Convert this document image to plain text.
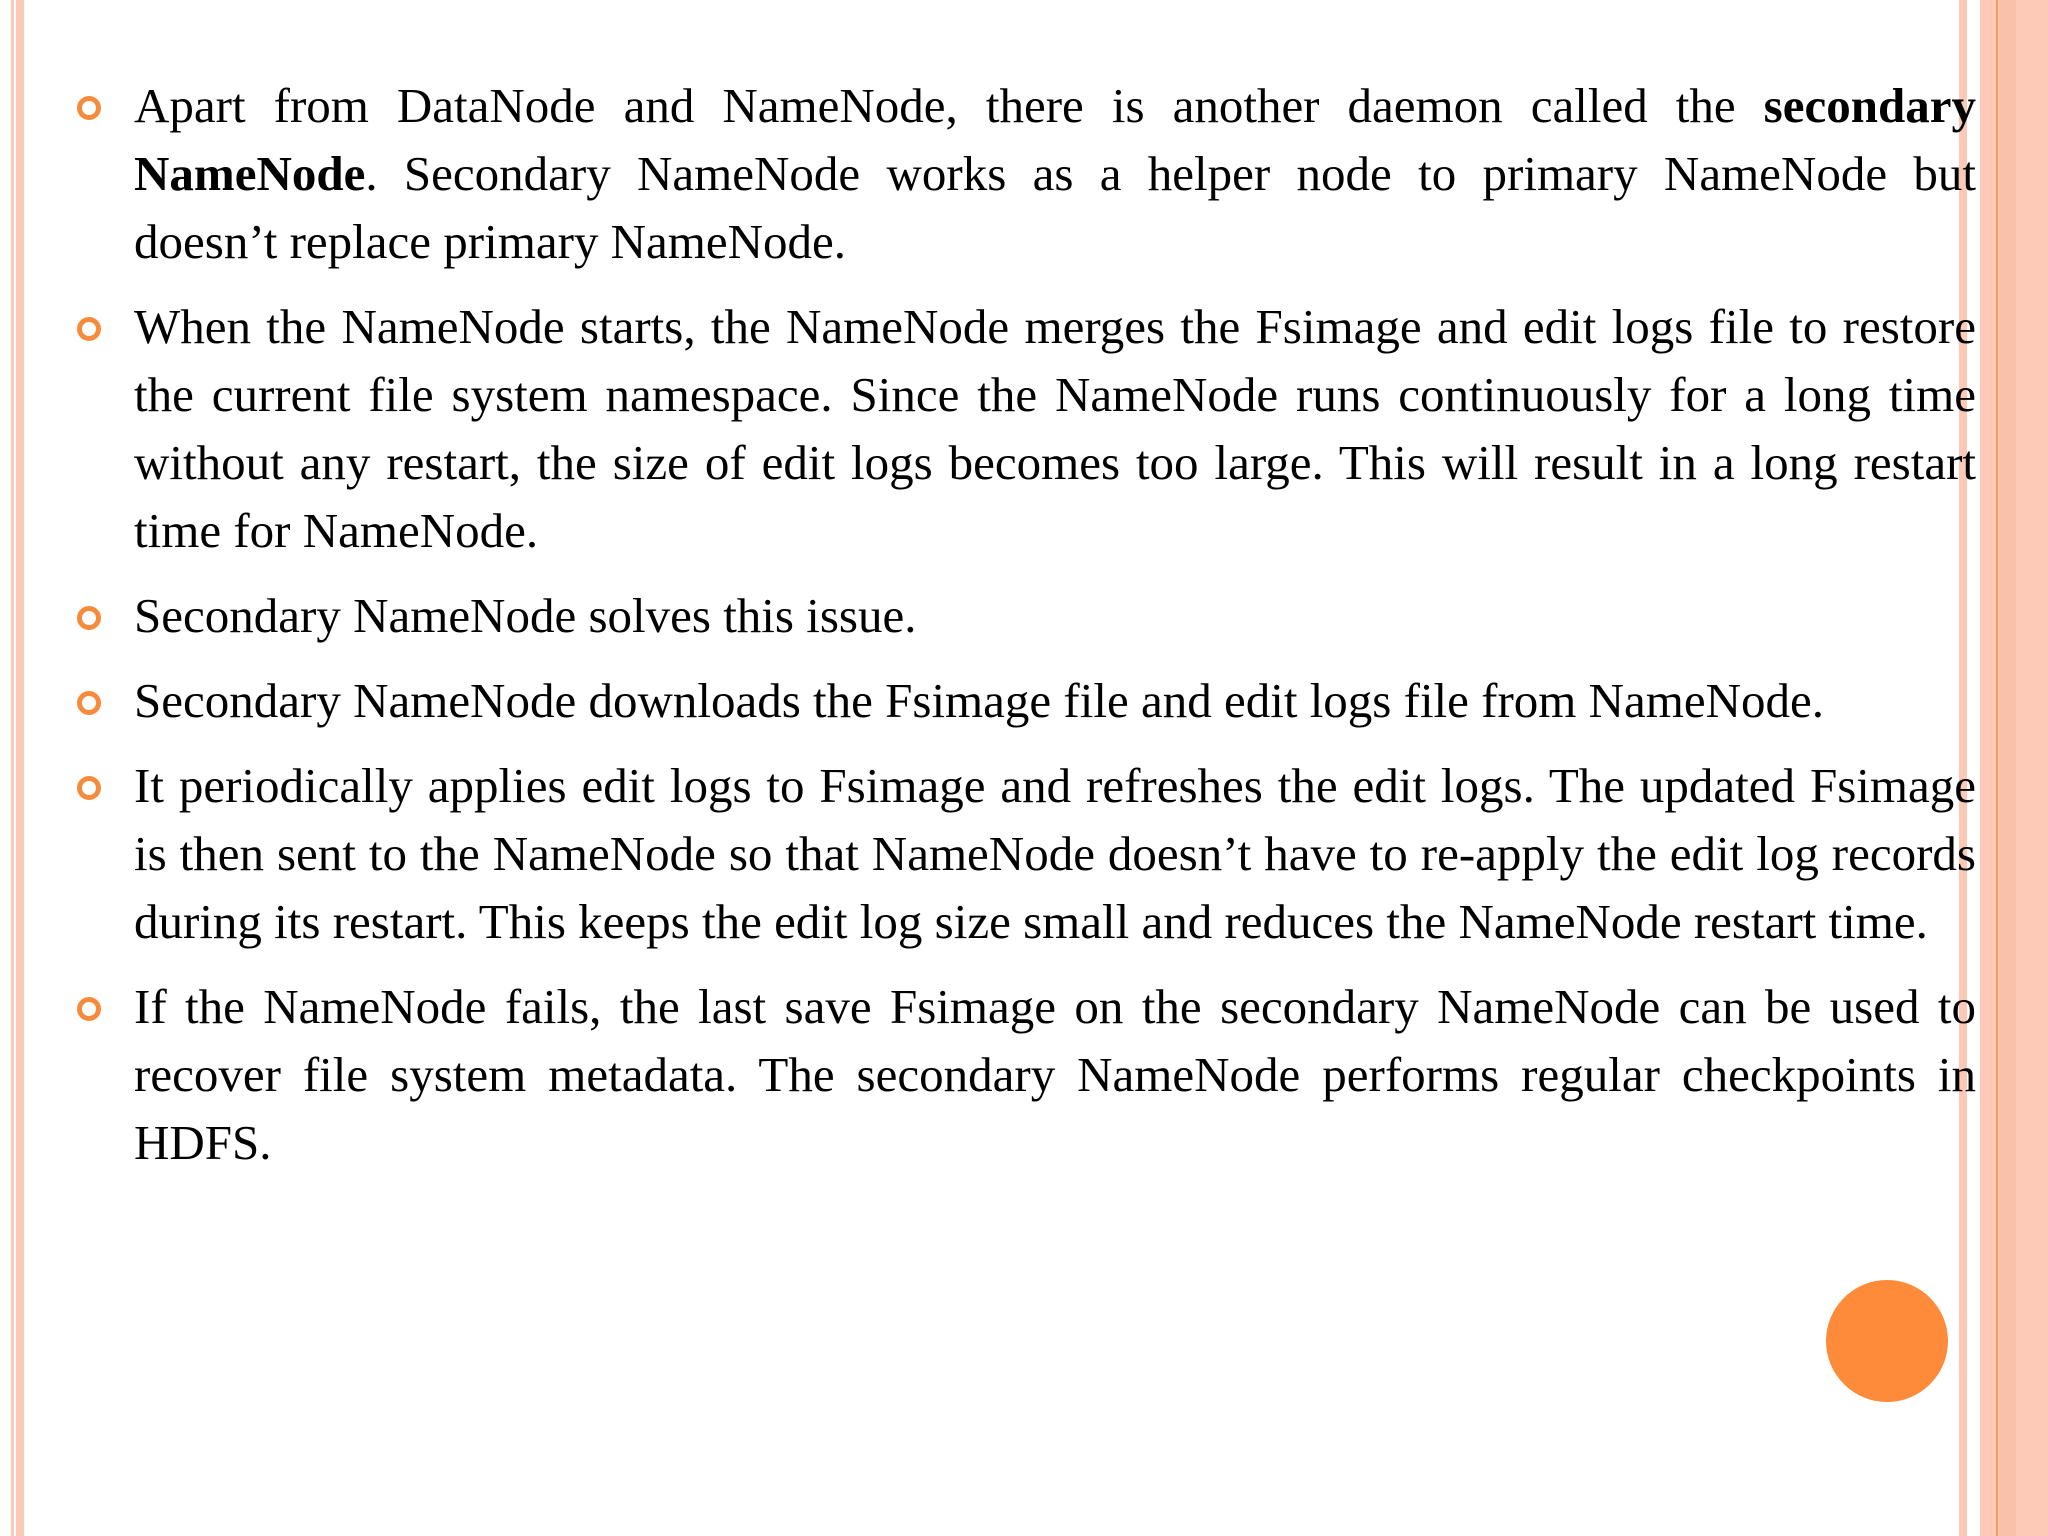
Apart from DataNode and NameNode, there is another daemon called the secondary NameNode. Secondary NameNode works as a helper node to primary NameNode but doesn’t replace primary NameNode.

When the NameNode starts, the NameNode merges the Fsimage and edit logs file to restore the current file system namespace. Since the NameNode runs continuously for a long time without any restart, the size of edit logs becomes too large. This will result in a long restart time for NameNode.

Secondary NameNode solves this issue.

Secondary NameNode downloads the Fsimage file and edit logs file from NameNode.

It periodically applies edit logs to Fsimage and refreshes the edit logs. The updated Fsimage is then sent to the NameNode so that NameNode doesn’t have to re-apply the edit log records during its restart. This keeps the edit log size small and reduces the NameNode restart time.

If the NameNode fails, the last save Fsimage on the secondary NameNode can be used to recover file system metadata. The secondary NameNode performs regular checkpoints in HDFS.
